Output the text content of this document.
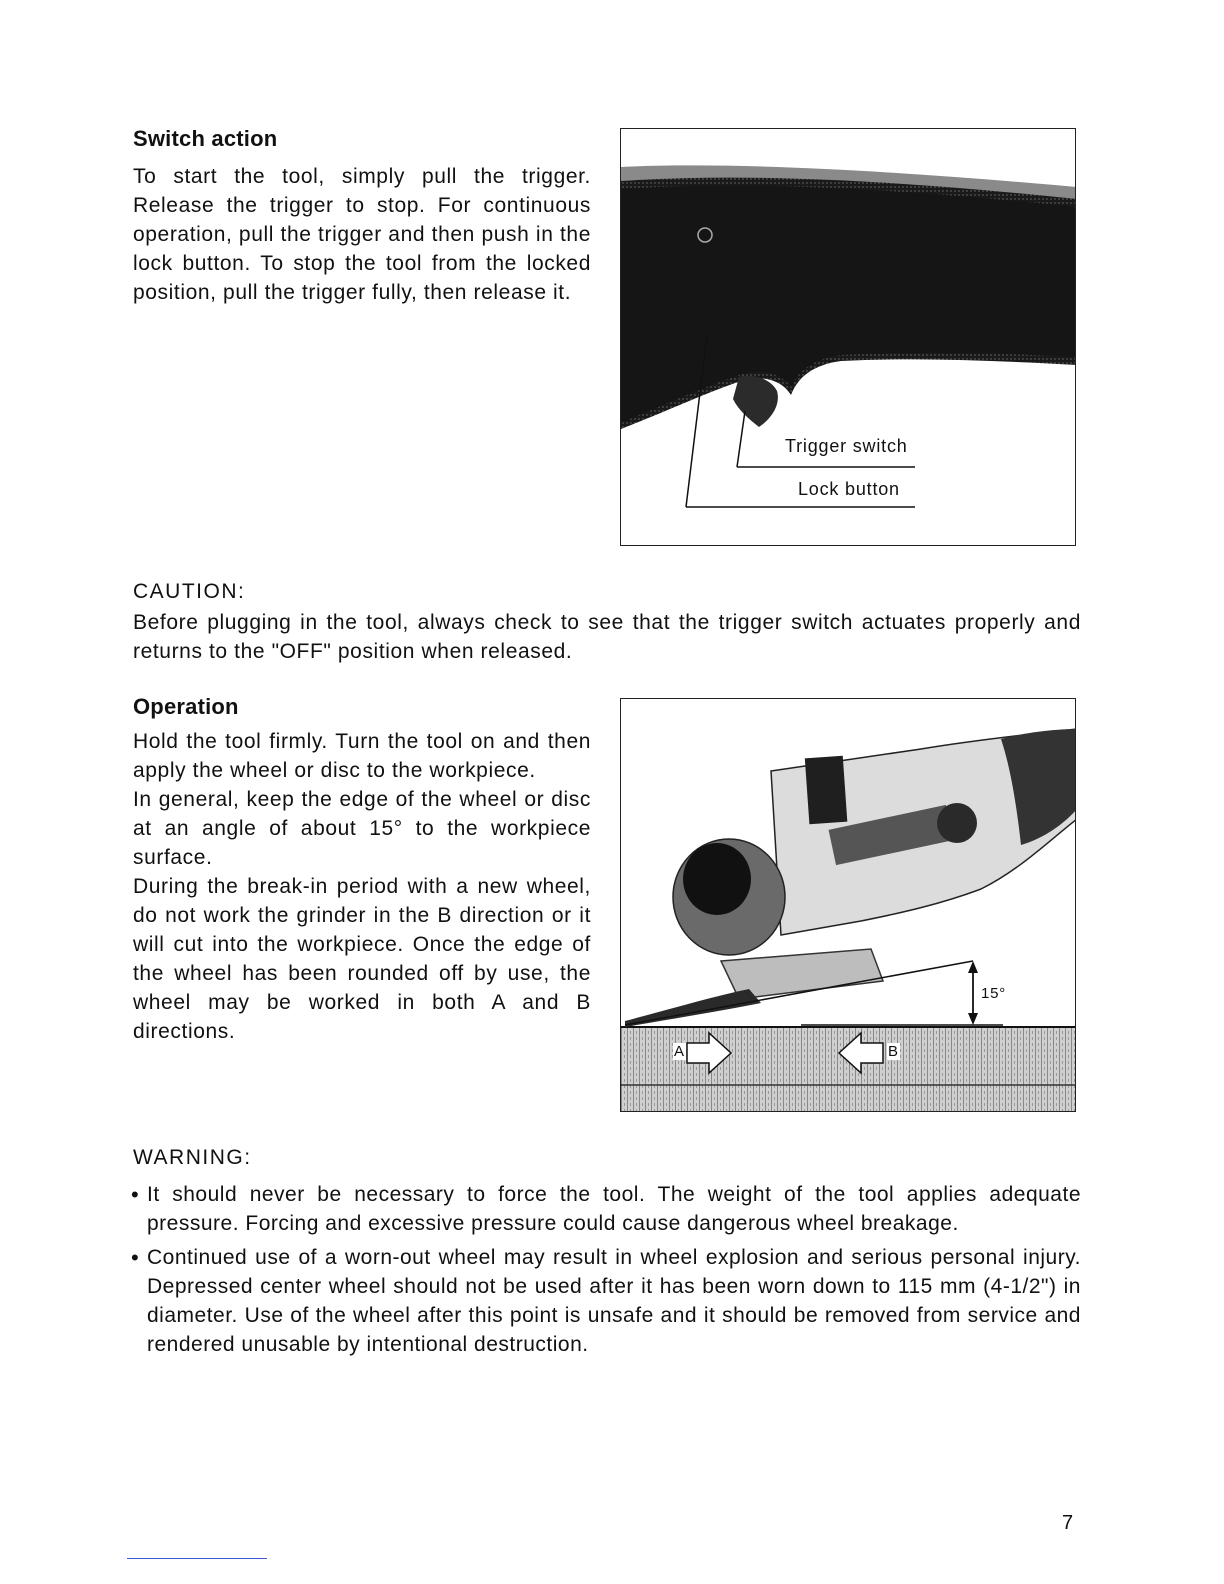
Switch action

To start the tool, simply pull the trigger. Release the trigger to stop. For continuous operation, pull the trigger and then push in the lock button. To stop the tool from the locked position, pull the trigger fully, then release it.

Trigger switch
Lock button
CAUTION:

Before plugging in the tool, always check to see that the trigger switch actuates properly and returns to the "OFF" position when released.

Operation

Hold the tool firmly. Turn the tool on and then apply the wheel or disc to the workpiece.

In general, keep the edge of the wheel or disc at an angle of about 15° to the workpiece surface.

During the break-in period with a new wheel, do not work the grinder in the B direction or it will cut into the workpiece. Once the edge of the wheel has been rounded off by use, the wheel may be worked in both A and B directions.

15°
A	B
WARNING:
• It should never be necessary to force the tool. The weight of the tool applies adequate pressure. Forcing and excessive pressure could cause dangerous wheel breakage.
• Continued use of a worn-out wheel may result in wheel explosion and serious personal injury. Depressed center wheel should not be used after it has been worn down to 115 mm (4-1/2") in diameter. Use of the wheel after this point is unsafe and it should be removed from service and rendered unusable by intentional destruction.
7
